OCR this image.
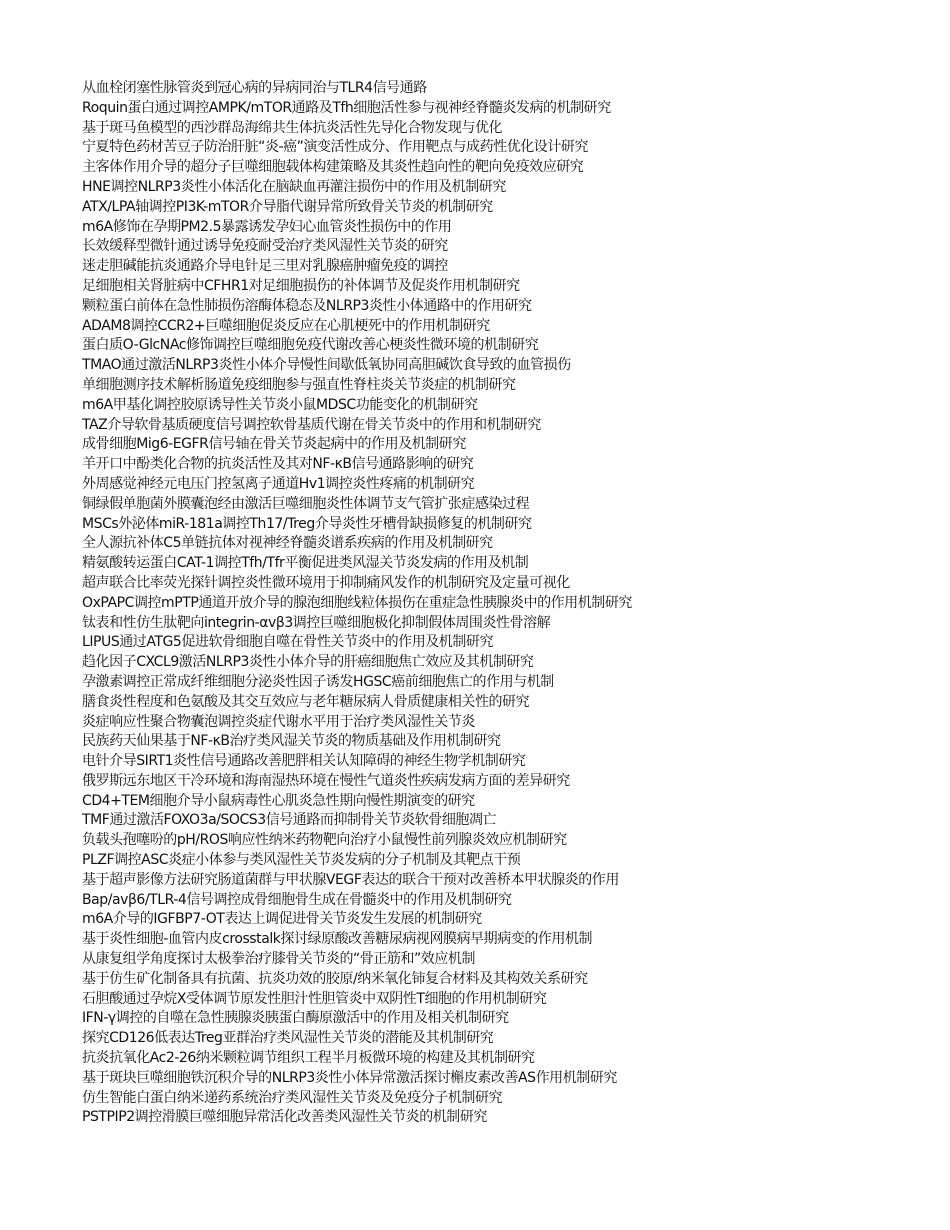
从血栓闭塞性脉管炎到冠心病的异病同治与TLR4信号通路
Roquin蛋白通过调控AMPK/mTOR通路及Tfh细胞活性参与视神经脊髓炎发病的机制研究
基于斑马鱼模型的西沙群岛海绵共生体抗炎活性先导化合物发现与优化
宁夏特色药材苦豆子防治肝脏“炎-癌”演变活性成分、作用靶点与成药性优化设计研究
主客体作用介导的超分子巨噬细胞载体构建策略及其炎性趋向性的靶向免疫效应研究
HNE调控NLRP3炎性小体活化在脑缺血再灌注损伤中的作用及机制研究
ATX/LPA轴调控PI3K-mTOR介导脂代谢异常所致骨关节炎的机制研究
m6A修饰在孕期PM2.5暴露诱发孕妇心血管炎性损伤中的作用
长效缓释型微针通过诱导免疫耐受治疗类风湿性关节炎的研究
迷走胆碱能抗炎通路介导电针足三里对乳腺癌肿瘤免疫的调控
足细胞相关肾脏病中CFHR1对足细胞损伤的补体调节及促炎作用机制研究
颗粒蛋白前体在急性肺损伤溶酶体稳态及NLRP3炎性小体通路中的作用研究
ADAM8调控CCR2+巨噬细胞促炎反应在心肌梗死中的作用机制研究
蛋白质O-GlcNAc修饰调控巨噬细胞免疫代谢改善心梗炎性微环境的机制研究
TMAO通过激活NLRP3炎性小体介导慢性间歇低氧协同高胆碱饮食导致的血管损伤
单细胞测序技术解析肠道免疫细胞参与强直性脊柱炎关节炎症的机制研究
m6A甲基化调控胶原诱导性关节炎小鼠MDSC功能变化的机制研究
TAZ介导软骨基质硬度信号调控软骨基质代谢在骨关节炎中的作用和机制研究
成骨细胞Mig6-EGFR信号轴在骨关节炎起病中的作用及机制研究
羊开口中酚类化合物的抗炎活性及其对NF-κB信号通路影响的研究
外周感觉神经元电压门控氢离子通道Hv1调控炎性疼痛的机制研究
铜绿假单胞菌外膜囊泡经由激活巨噬细胞炎性体调节支气管扩张症感染过程
MSCs外泌体miR-181a调控Th17/Treg介导炎性牙槽骨缺损修复的机制研究
全人源抗补体C5单链抗体对视神经脊髓炎谱系疾病的作用及机制研究
精氨酸转运蛋白CAT-1调控Tfh/Tfr平衡促进类风湿关节炎发病的作用及机制
超声联合比率荧光探针调控炎性微环境用于抑制痛风发作的机制研究及定量可视化
OxPAPC调控mPTP通道开放介导的腺泡细胞线粒体损伤在重症急性胰腺炎中的作用机制研究
钛表和性仿生肽靶向integrin-αvβ3调控巨噬细胞极化抑制假体周围炎性骨溶解
LIPUS通过ATG5促进软骨细胞自噬在骨性关节炎中的作用及机制研究
趋化因子CXCL9激活NLRP3炎性小体介导的肝癌细胞焦亡效应及其机制研究
孕激素调控正常成纤维细胞分泌炎性因子诱发HGSC癌前细胞焦亡的作用与机制
膳食炎性程度和色氨酸及其交互效应与老年糖尿病人骨质健康相关性的研究
炎症响应性聚合物囊泡调控炎症代谢水平用于治疗类风湿性关节炎
民族药天仙果基于NF-κB治疗类风湿关节炎的物质基础及作用机制研究
电针介导SIRT1炎性信号通路改善肥胖相关认知障碍的神经生物学机制研究
俄罗斯远东地区干冷环境和海南湿热环境在慢性气道炎性疾病发病方面的差异研究
CD4+TEM细胞介导小鼠病毒性心肌炎急性期向慢性期演变的研究
TMF通过激活FOXO3a/SOCS3信号通路而抑制骨关节炎软骨细胞凋亡
负载头孢噻吩的pH/ROS响应性纳米药物靶向治疗小鼠慢性前列腺炎效应机制研究
PLZF调控ASC炎症小体参与类风湿性关节炎发病的分子机制及其靶点干预
基于超声影像方法研究肠道菌群与甲状腺VEGF表达的联合干预对改善桥本甲状腺炎的作用
Bap/avβ6/TLR-4信号调控成骨细胞骨生成在骨髓炎中的作用及机制研究
m6A介导的IGFBP7-OT表达上调促进骨关节炎发生发展的机制研究
基于炎性细胞-血管内皮crosstalk探讨绿原酸改善糖尿病视网膜病早期病变的作用机制
从康复组学角度探讨太极拳治疗膝骨关节炎的“骨正筋和”效应机制
基于仿生矿化制备具有抗菌、抗炎功效的胶原/纳米氧化铈复合材料及其构效关系研究
石胆酸通过孕烷X受体调节原发性胆汁性胆管炎中双阴性T细胞的作用机制研究
IFN-γ调控的自噬在急性胰腺炎胰蛋白酶原激活中的作用及相关机制研究
探究CD126低表达Treg亚群治疗类风湿性关节炎的潜能及其机制研究
抗炎抗氧化Ac2-26纳米颗粒调节组织工程半月板微环境的构建及其机制研究
基于斑块巨噬细胞铁沉积介导的NLRP3炎性小体异常激活探讨槲皮素改善AS作用机制研究
仿生智能白蛋白纳米递药系统治疗类风湿性关节炎及免疫分子机制研究
PSTPIP2调控滑膜巨噬细胞异常活化改善类风湿性关节炎的机制研究
